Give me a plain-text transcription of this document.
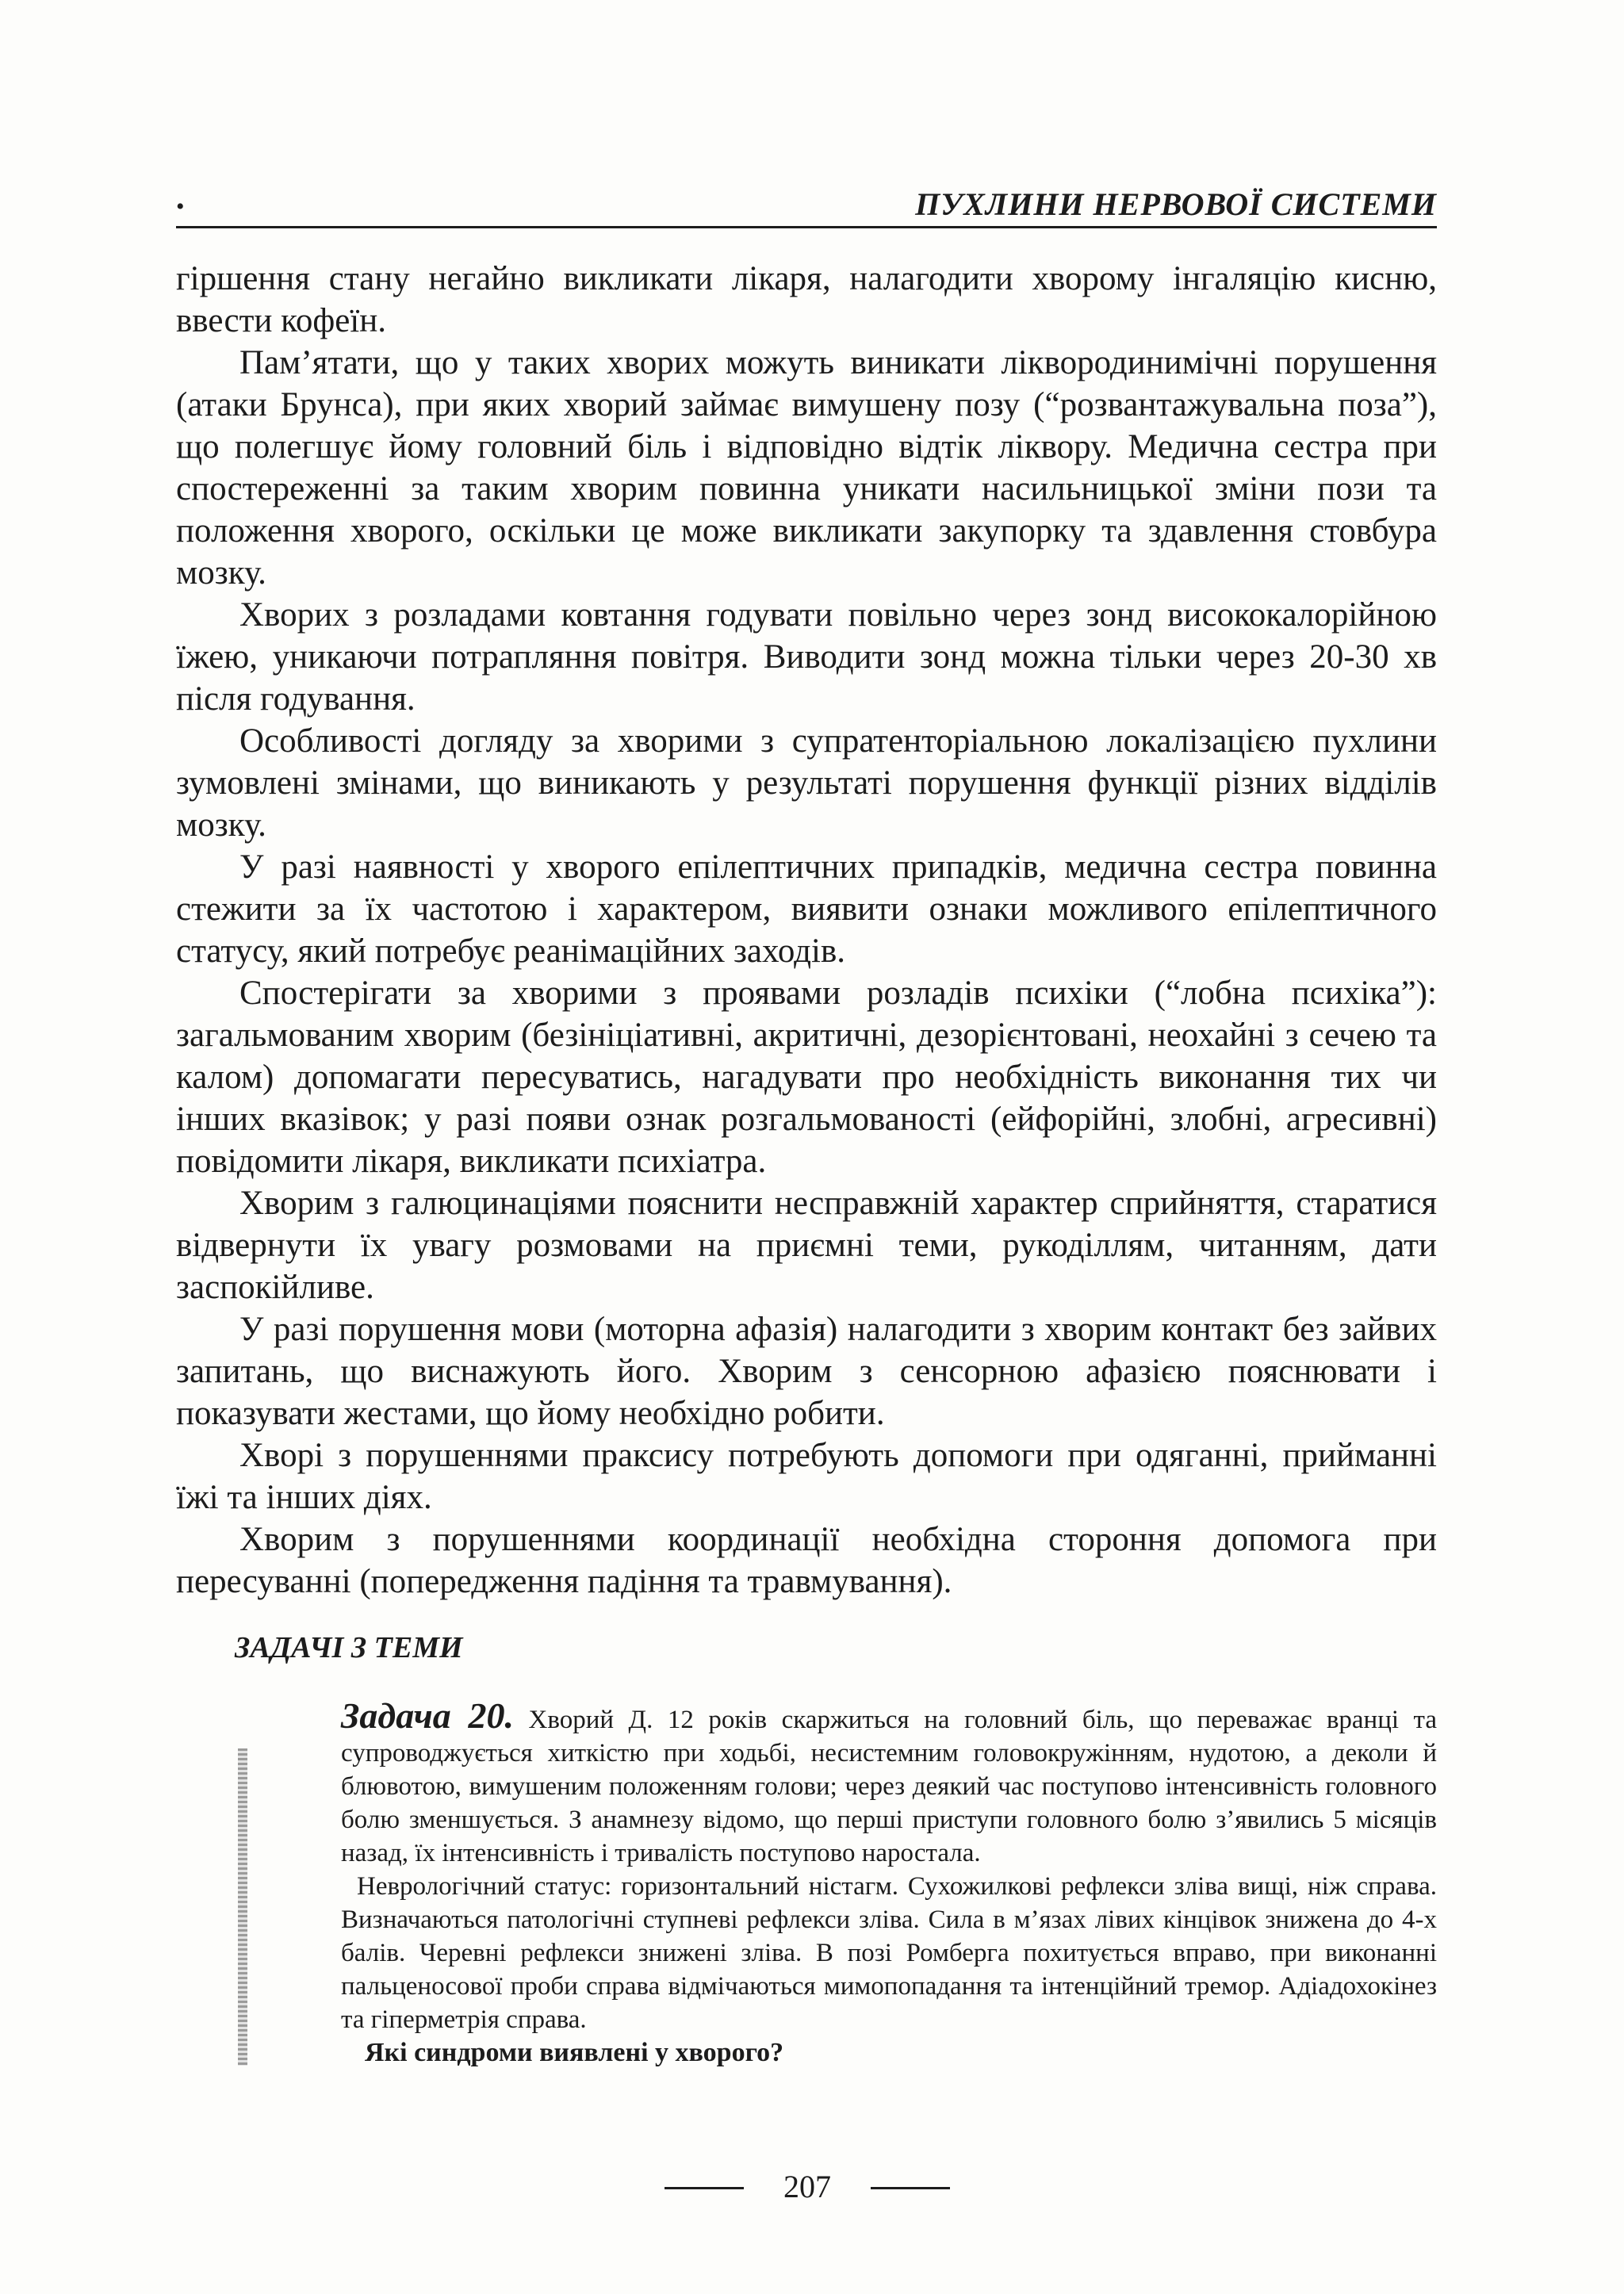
•	ПУХЛИНИ НЕРВОВОЇ СИСТЕМИ

гіршення стану негайно викликати лікаря, налагодити хворому інгаляцію кисню, ввести кофеїн.

Пам’ятати, що у таких хворих можуть виникати ліквородинимічні порушення (атаки Брунса), при яких хворий займає вимушену позу (“розвантажувальна поза”), що полегшує йому головний біль і відповідно відтік ліквору. Медична сестра при спостереженні за таким хворим повинна уникати насильницької зміни пози та положення хворого, оскільки це може викликати закупорку та здавлення стовбура мозку.

Хворих з розладами ковтання годувати повільно через зонд висококалорійною їжею, уникаючи потрапляння повітря. Виводити зонд можна тільки через 20-30 хв після годування.

Особливості догляду за хворими з супратенторіальною локалізацією пухлини зумовлені змінами, що виникають у результаті порушення функції різних відділів мозку.

У разі наявності у хворого епілептичних припадків, медична сестра повинна стежити за їх частотою і характером, виявити ознаки можливого епілептичного статусу, який потребує реанімаційних заходів.

Спостерігати за хворими з проявами розладів психіки (“лобна психіка”): загальмованим хворим (безініціативні, акритичні, дезорієнтовані, неохайні з сечею та калом) допомагати пересуватись, нагадувати про необхідність виконання тих чи інших вказівок; у разі появи ознак розгальмованості (ейфорійні, злобні, агресивні) повідомити лікаря, викликати психіатра.

Хворим з галюцинаціями пояснити несправжній характер сприйняття, старатися відвернути їх увагу розмовами на приємні теми, рукоділлям, читанням, дати заспокійливе.

У разі порушення мови (моторна афазія) налагодити з хворим контакт без зайвих запитань, що виснажують його. Хворим з сенсорною афазією пояснювати і показувати жестами, що йому необхідно робити.

Хворі з порушеннями праксису потребують допомоги при одяганні, прийманні їжі та інших діях.

Хворим з порушеннями координації необхідна стороння допомога при пересуванні (попередження падіння та травмування).

ЗАДАЧІ З ТЕМИ

Задача 20. Хворий Д. 12 років скаржиться на головний біль, що переважає вранці та супроводжується хиткістю при ходьбі, несистемним головокружінням, нудотою, а деколи й блювотою, вимушеним положенням голови; через деякий час поступово інтенсивність головного болю зменшується. З анамнезу відомо, що перші приступи головного болю з’явились 5 місяців назад, їх інтенсивність і тривалість поступово наростала.

Неврологічний статус: горизонтальний ністагм. Сухожилкові рефлекси зліва вищі, ніж справа. Визначаються патологічні ступневі рефлекси зліва. Сила в м’язах лівих кінцівок знижена до 4-х балів. Черевні рефлекси знижені зліва. В позі Ромберга похитується вправо, при виконанні пальценосової проби справа відмічаються мимопопадання та інтенційний тремор. Адіадохокінез та гіперметрія справа.

Які синдроми виявлені у хворого?

207
